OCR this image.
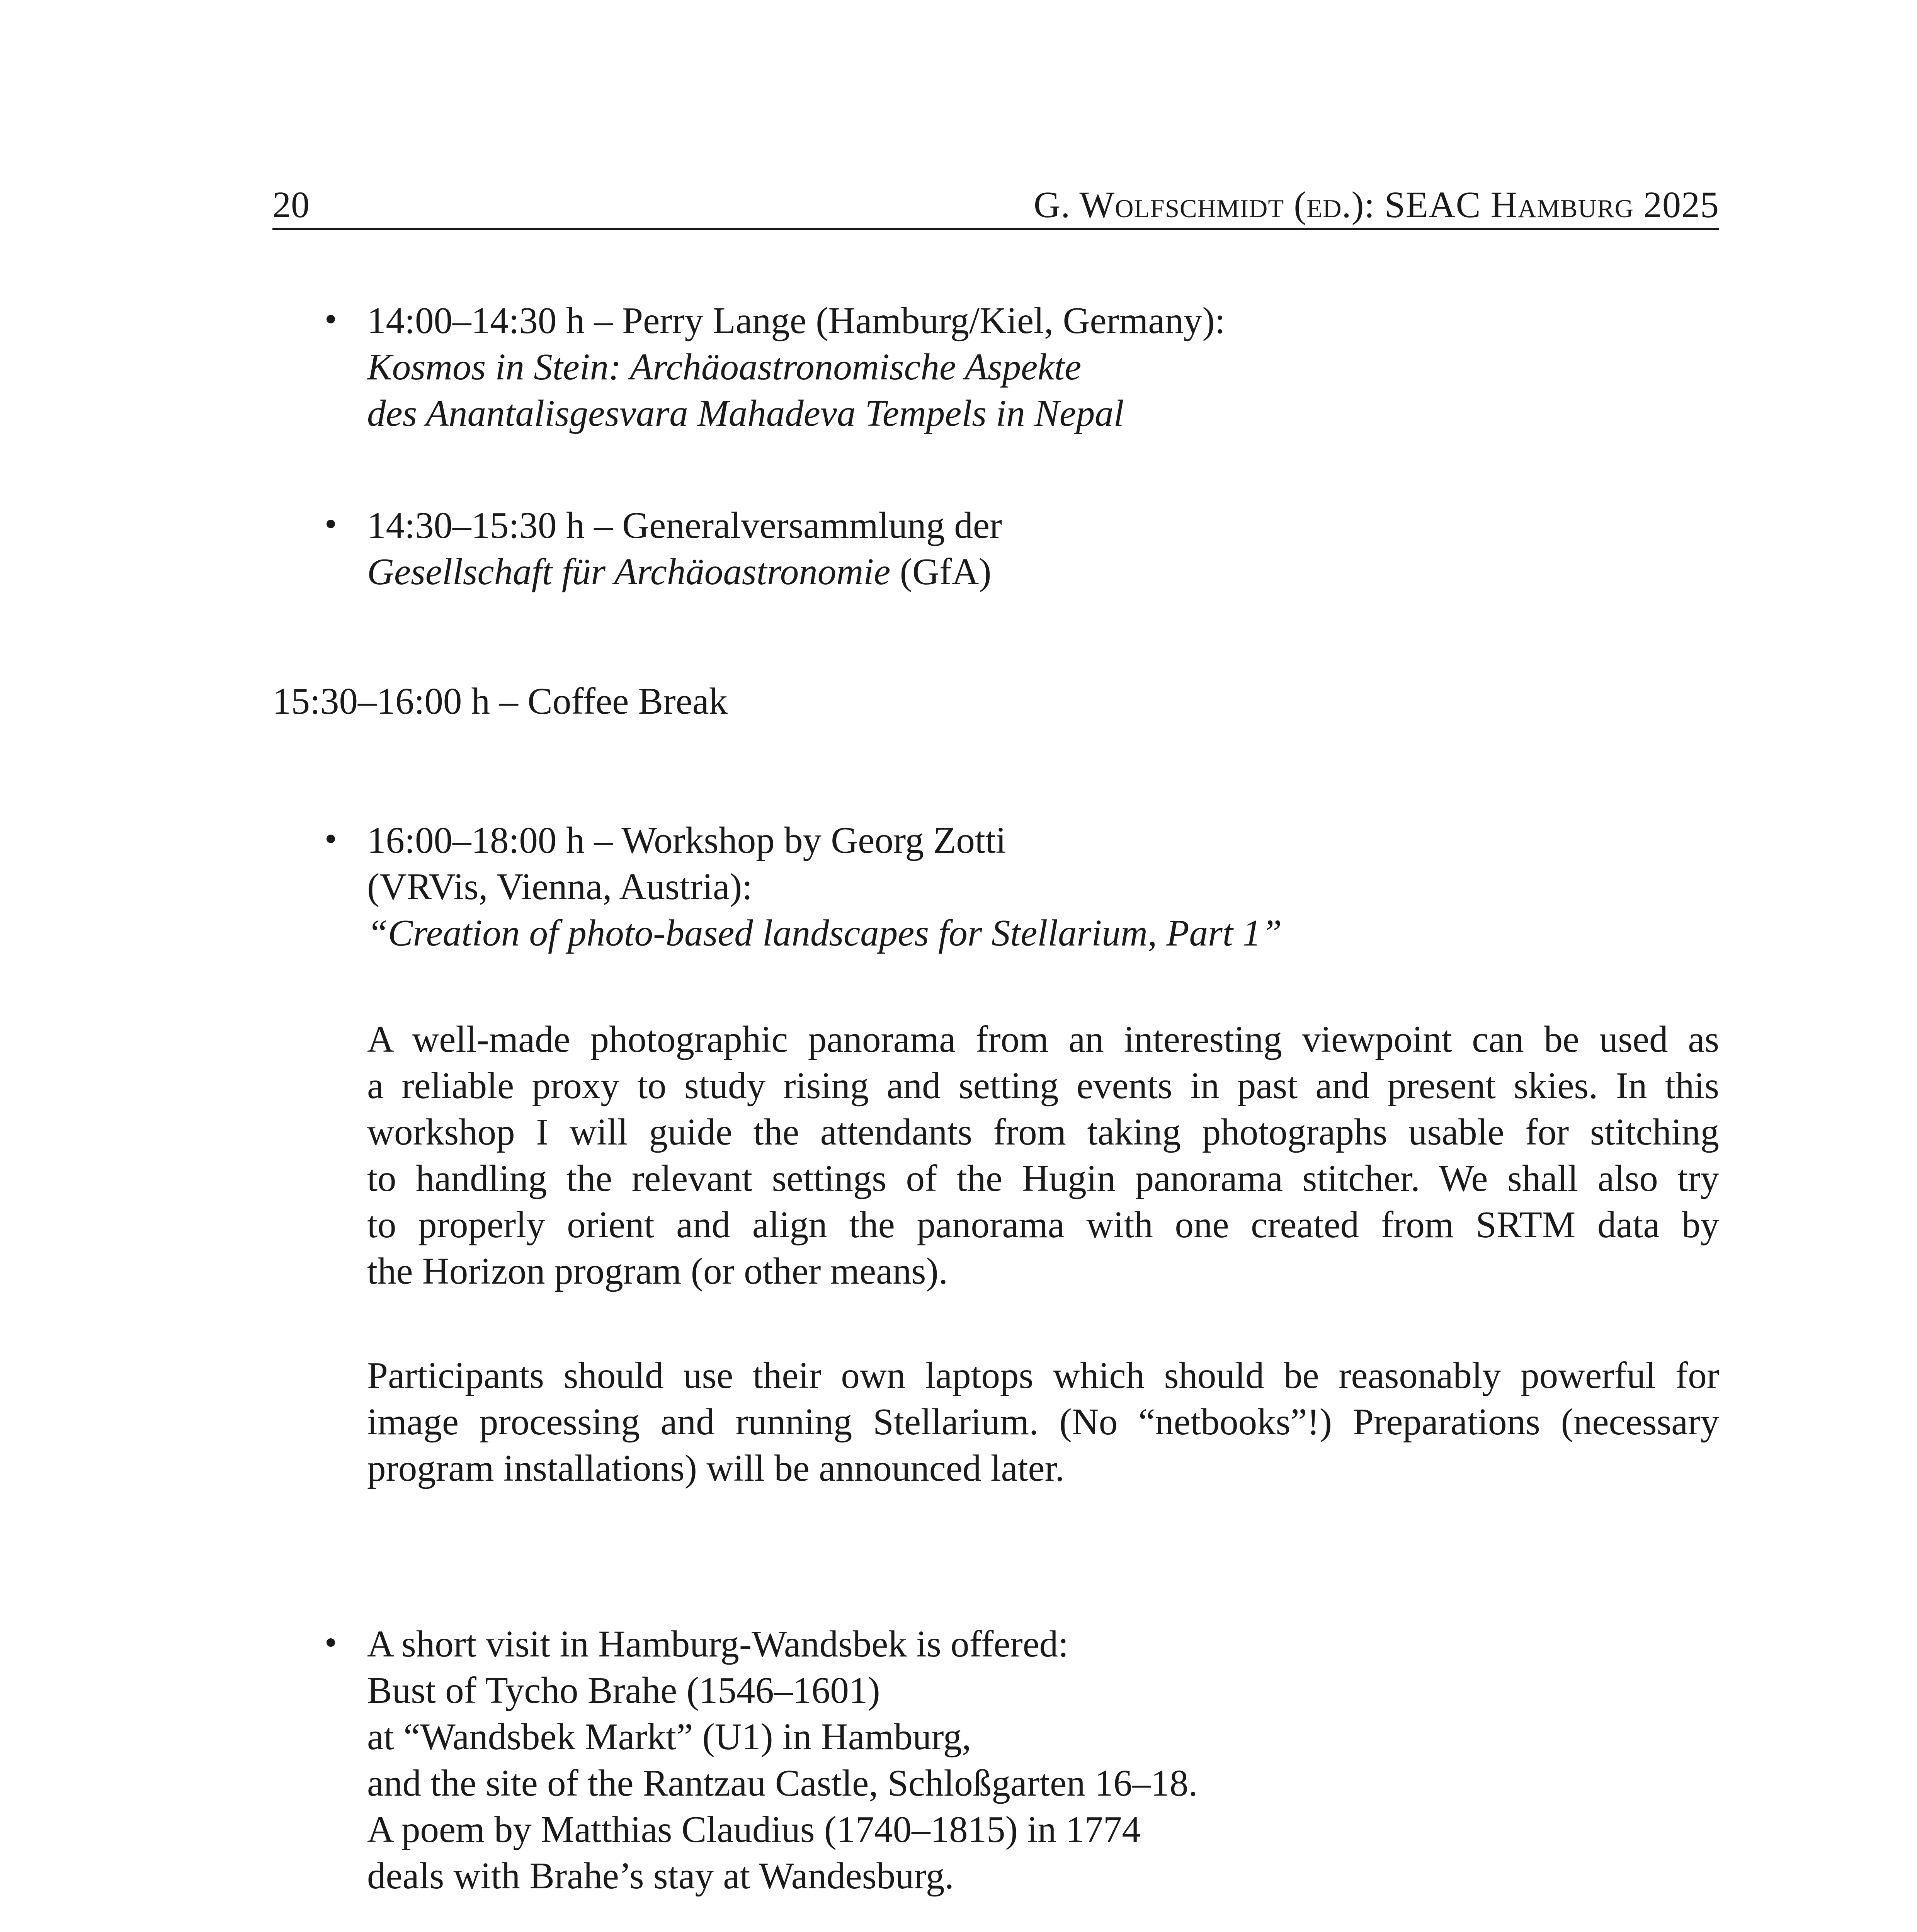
20	G. Wolfschmidt (ed.): SEAC Hamburg 2025
14:00–14:30 h – Perry Lange (Hamburg/Kiel, Germany):
Kosmos in Stein: Archäoastronomische Aspekte
des Anantalisgesvara Mahadeva Tempels in Nepal
14:30–15:30 h – Generalversammlung der
Gesellschaft für Archäoastronomie (GfA)
15:30–16:00 h – Coffee Break
16:00–18:00 h – Workshop by Georg Zotti
(VRVis, Vienna, Austria):
“Creation of photo-based landscapes for Stellarium, Part 1”
A well-made photographic panorama from an interesting viewpoint can be used as
a reliable proxy to study rising and setting events in past and present skies. In this
workshop I will guide the attendants from taking photographs usable for stitching
to handling the relevant settings of the Hugin panorama stitcher. We shall also try
to properly orient and align the panorama with one created from SRTM data by
the Horizon program (or other means).
Participants should use their own laptops which should be reasonably powerful for
image processing and running Stellarium. (No “netbooks”!) Preparations (necessary
program installations) will be announced later.
A short visit in Hamburg-Wandsbek is offered:
Bust of Tycho Brahe (1546–1601)
at “Wandsbek Markt” (U1) in Hamburg,
and the site of the Rantzau Castle, Schloßgarten 16–18.
A poem by Matthias Claudius (1740–1815) in 1774
deals with Brahe’s stay at Wandesburg.
